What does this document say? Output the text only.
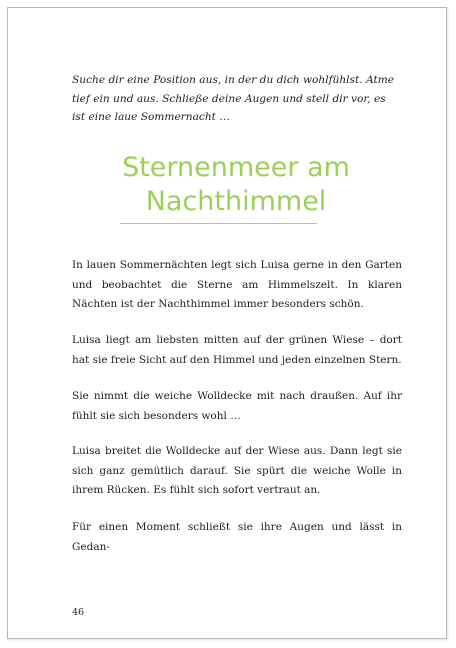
Suche dir eine Position aus, in der du dich wohlfühlst. Atme tief ein und aus. Schließe deine Augen und stell dir vor, es ist eine laue Sommernacht …

Sternenmeer am Nachthimmel

In lauen Sommernächten legt sich Luisa gerne in den Garten und beobachtet die Sterne am Himmelszelt. In klaren Nächten ist der Nachthimmel immer besonders schön.

Luisa liegt am liebsten mitten auf der grünen Wiese – dort hat sie freie Sicht auf den Himmel und jeden einzelnen Stern.

Sie nimmt die weiche Wolldecke mit nach draußen. Auf ihr fühlt sie sich besonders wohl …

Luisa breitet die Wolldecke auf der Wiese aus. Dann legt sie sich ganz gemütlich darauf. Sie spürt die weiche Wolle in ihrem Rücken. Es fühlt sich sofort vertraut an.

Für einen Moment schließt sie ihre Augen und lässt in Gedan-

46
